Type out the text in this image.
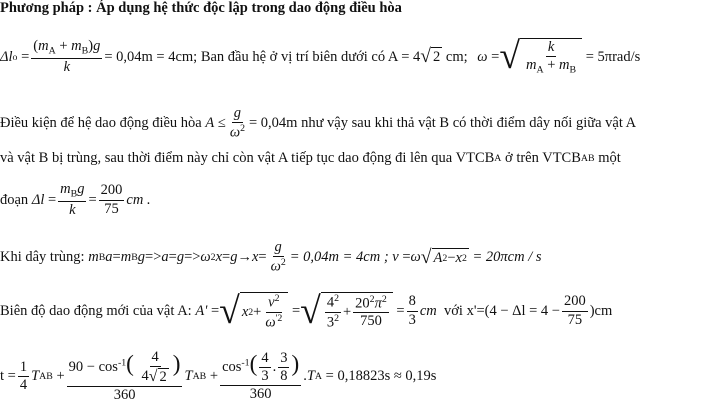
Phương pháp : Áp dụng hệ thức độc lập trong dao động điều hòa
Δl $o = \frac{(m_A + m_B)g}{k} = 0,04m = 4cm$; Ban đầu hệ ở vị trí biên dưới có A = 4 √ 2
cm;
ω = √ $\frac{k}{m_A + m_B}$
= 5πrad/s
Điều kiện để hệ dao động điều hòa
$A \le \frac{g}{\omega^2} = 0,04m$
như vậy sau khi thả vật B có thời điểm dây nối giữa vật A
và vật B bị trùng, sau thời điểm này chỉ còn vật A tiếp tục dao động đi lên qua VTCB A
ở trên VTCB AB
một
đoạn
$\Delta l = \frac{m_Bg}{k} = \frac{200}{75}$ cm .
Khi dây trùng:
m B a = m B g => a = g => ω 2 $x = g \to x = \frac{g}{\omega^2} = 0,04m = 4cm$ ;
v = ω √ A 2 − x 2
= 20πcm / s
Biên độ dao động mới của vật A:
A' = √ x $2 + \frac{v^2}{\omega^{'2}}$ = √ $\frac{4^2}{3^2} + \frac{20^2\pi^2}{750} = \frac{8}{3}$ cm
với $x'=(4 - \Delta l = 4 - \frac{200}{75} )cm$
$t = \frac{1}{4}$ T AB + $\frac{90 - \cos^{-1}( \frac{4}{4 √ 2} )}{360}$ T AB + $\frac{\cos^{-1}( \frac{4}{3} . \frac{3}{8} )}{360}$ . T A
= 0,18823s ≈ 0,19s
